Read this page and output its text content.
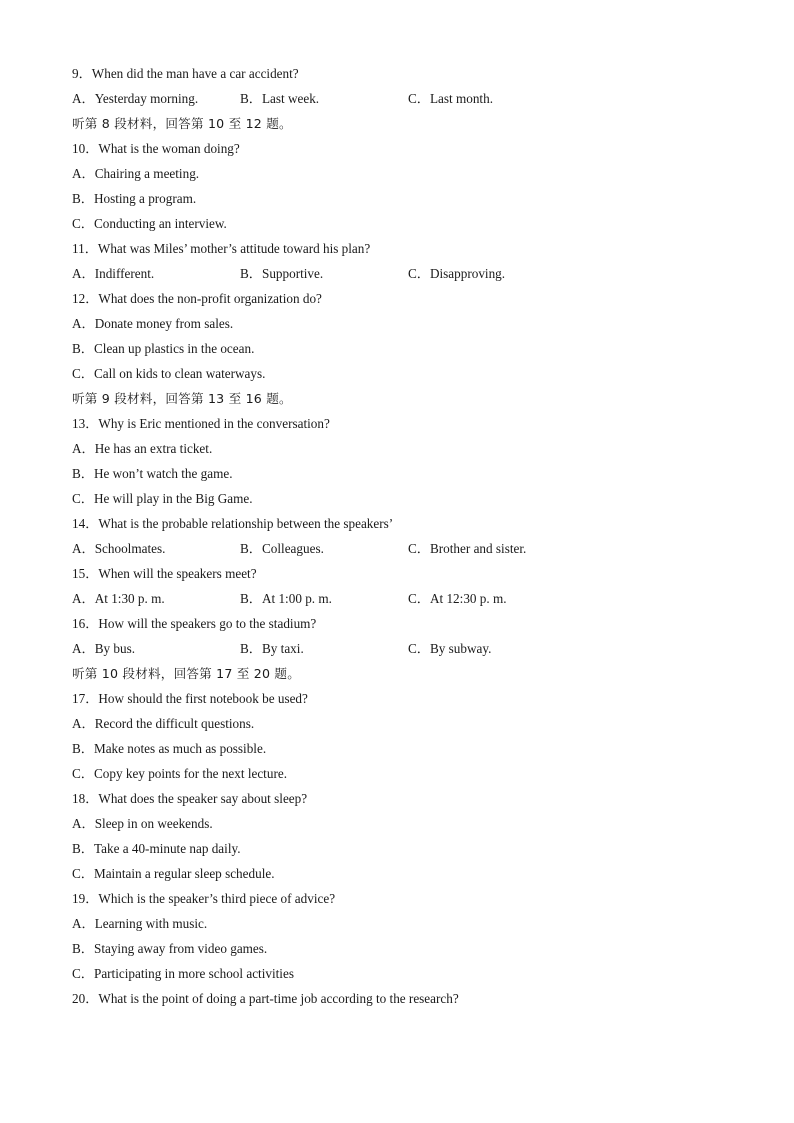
9．When did the man have a car accident?
A．Yesterday morning.	B．Last week.	C．Last month.
听第 8 段材料，回答第 10 至 12 题。
10．What is the woman doing?
A．Chairing a meeting.
B．Hosting a program.
C．Conducting an interview.
11．What was Miles’ mother’s attitude toward his plan?
A．Indifferent.	B．Supportive.	C．Disapproving.
12．What does the non-profit organization do?
A．Donate money from sales.
B．Clean up plastics in the ocean.
C．Call on kids to clean waterways.
听第 9 段材料，回答第 13 至 16 题。
13．Why is Eric mentioned in the conversation?
A．He has an extra ticket.
B．He won’t watch the game.
C．He will play in the Big Game.
14．What is the probable relationship between the speakers’
A．Schoolmates.	B．Colleagues.	C．Brother and sister.
15．When will the speakers meet?
A．At 1:30 p. m.	B．At 1:00 p. m.	C．At 12:30 p. m.
16．How will the speakers go to the stadium?
A．By bus.	B．By taxi.	C．By subway.
听第 10 段材料，回答第 17 至 20 题。
17．How should the first notebook be used?
A．Record the difficult questions.
B．Make notes as much as possible.
C．Copy key points for the next lecture.
18．What does the speaker say about sleep?
A．Sleep in on weekends.
B．Take a 40-minute nap daily.
C．Maintain a regular sleep schedule.
19．Which is the speaker’s third piece of advice?
A．Learning with music.
B．Staying away from video games.
C．Participating in more school activities
20．What is the point of doing a part-time job according to the research?
